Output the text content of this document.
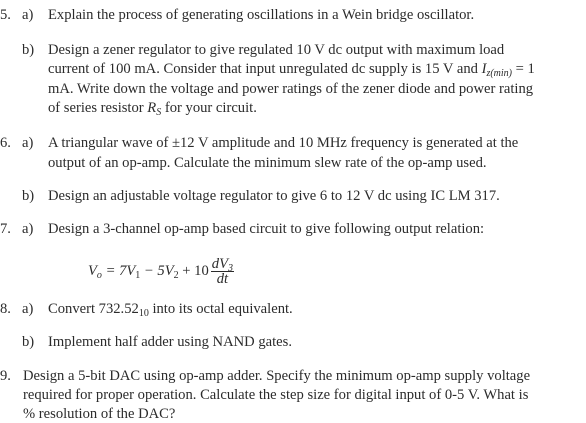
5. a) Explain the process of generating oscillations in a Wein bridge oscillator.
b) Design a zener regulator to give regulated 10 V dc output with maximum load
current of 100 mA. Consider that input unregulated dc supply is 15 V and $I_{z(min)} = 1$
mA. Write down the voltage and power ratings of the zener diode and power rating
of series resistor $R_S$ for your circuit.
6. a) A triangular wave of ±12 V amplitude and 10 MHz frequency is generated at the
output of an op-amp. Calculate the minimum slew rate of the op-amp used.
b) Design an adjustable voltage regulator to give 6 to 12 V dc using IC LM 317.
7. a) Design a 3-channel op-amp based circuit to give following output relation:
$V_o = 7V_1 - 5V_2 + 10 \frac{dV_3}{dt}$
8. a) Convert $732.52_{10}$ into its octal equivalent.
b) Implement half adder using NAND gates.
9. Design a 5-bit DAC using op-amp adder. Specify the minimum op-amp supply voltage
required for proper operation. Calculate the step size for digital input of 0-5 V. What is
% resolution of the DAC?
